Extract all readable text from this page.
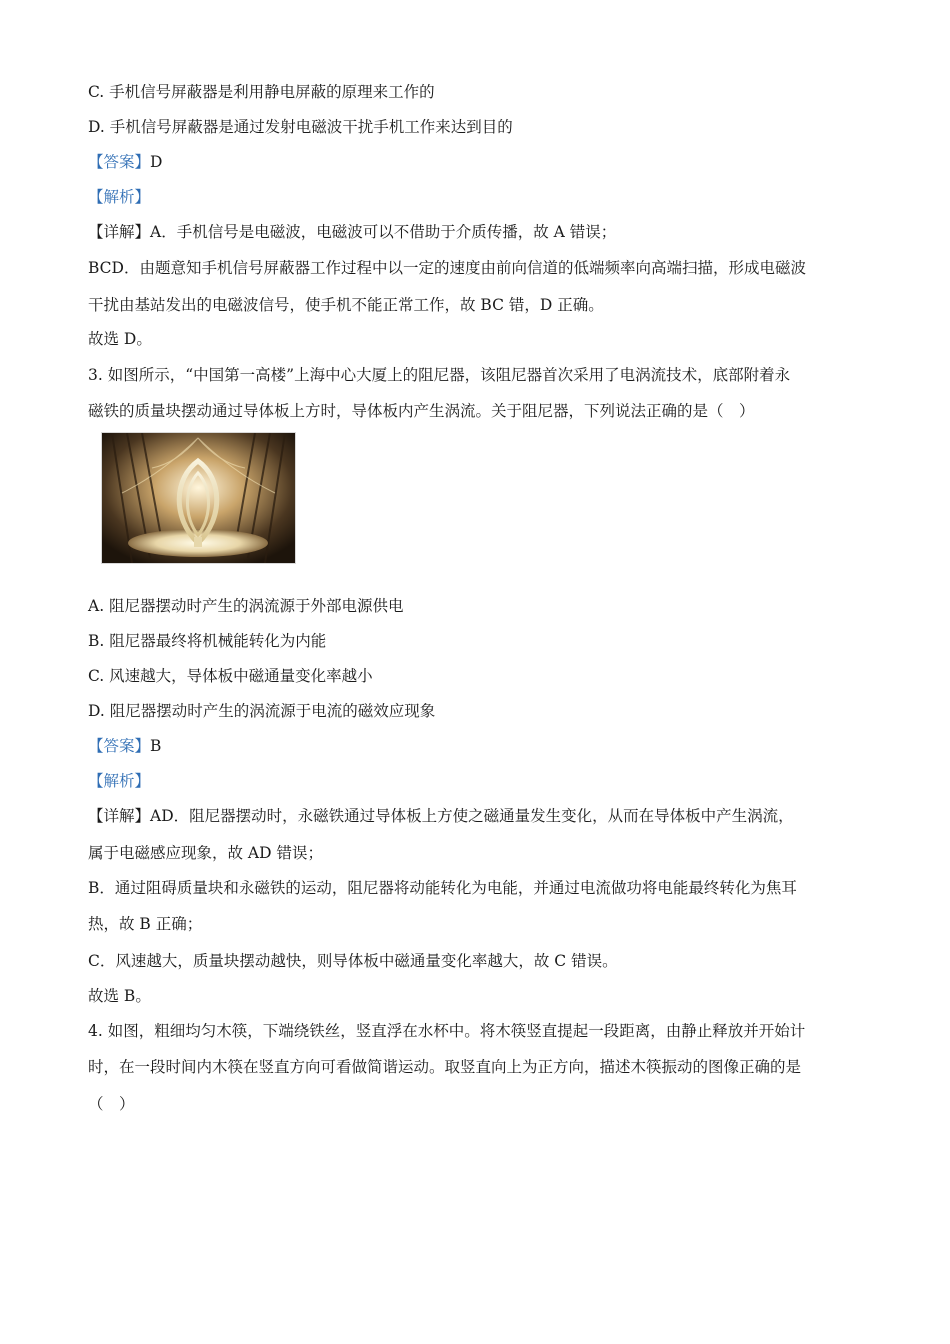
C. 手机信号屏蔽器是利用静电屏蔽的原理来工作的
D. 手机信号屏蔽器是通过发射电磁波干扰手机工作来达到目的
【答案】D
【解析】
【详解】A．手机信号是电磁波，电磁波可以不借助于介质传播，故 A 错误；
BCD．由题意知手机信号屏蔽器工作过程中以一定的速度由前向信道的低端频率向高端扫描，形成电磁波
干扰由基站发出的电磁波信号，使手机不能正常工作，故 BC 错，D 正确。
故选 D。
3. 如图所示，“中国第一高楼”上海中心大厦上的阻尼器，该阻尼器首次采用了电涡流技术，底部附着永
磁铁的质量块摆动通过导体板上方时，导体板内产生涡流。关于阻尼器，下列说法正确的是（　）
A. 阻尼器摆动时产生的涡流源于外部电源供电
B. 阻尼器最终将机械能转化为内能
C. 风速越大，导体板中磁通量变化率越小
D. 阻尼器摆动时产生的涡流源于电流的磁效应现象
【答案】B
【解析】
【详解】AD．阻尼器摆动时，永磁铁通过导体板上方使之磁通量发生变化，从而在导体板中产生涡流，
属于电磁感应现象，故 AD 错误；
B．通过阻碍质量块和永磁铁的运动，阻尼器将动能转化为电能，并通过电流做功将电能最终转化为焦耳
热，故 B 正确；
C．风速越大，质量块摆动越快，则导体板中磁通量变化率越大，故 C 错误。
故选 B。
4. 如图，粗细均匀木筷，下端绕铁丝，竖直浮在水杯中。将木筷竖直提起一段距离，由静止释放并开始计
时，在一段时间内木筷在竖直方向可看做简谐运动。取竖直向上为正方向，描述木筷振动的图像正确的是
（　）
